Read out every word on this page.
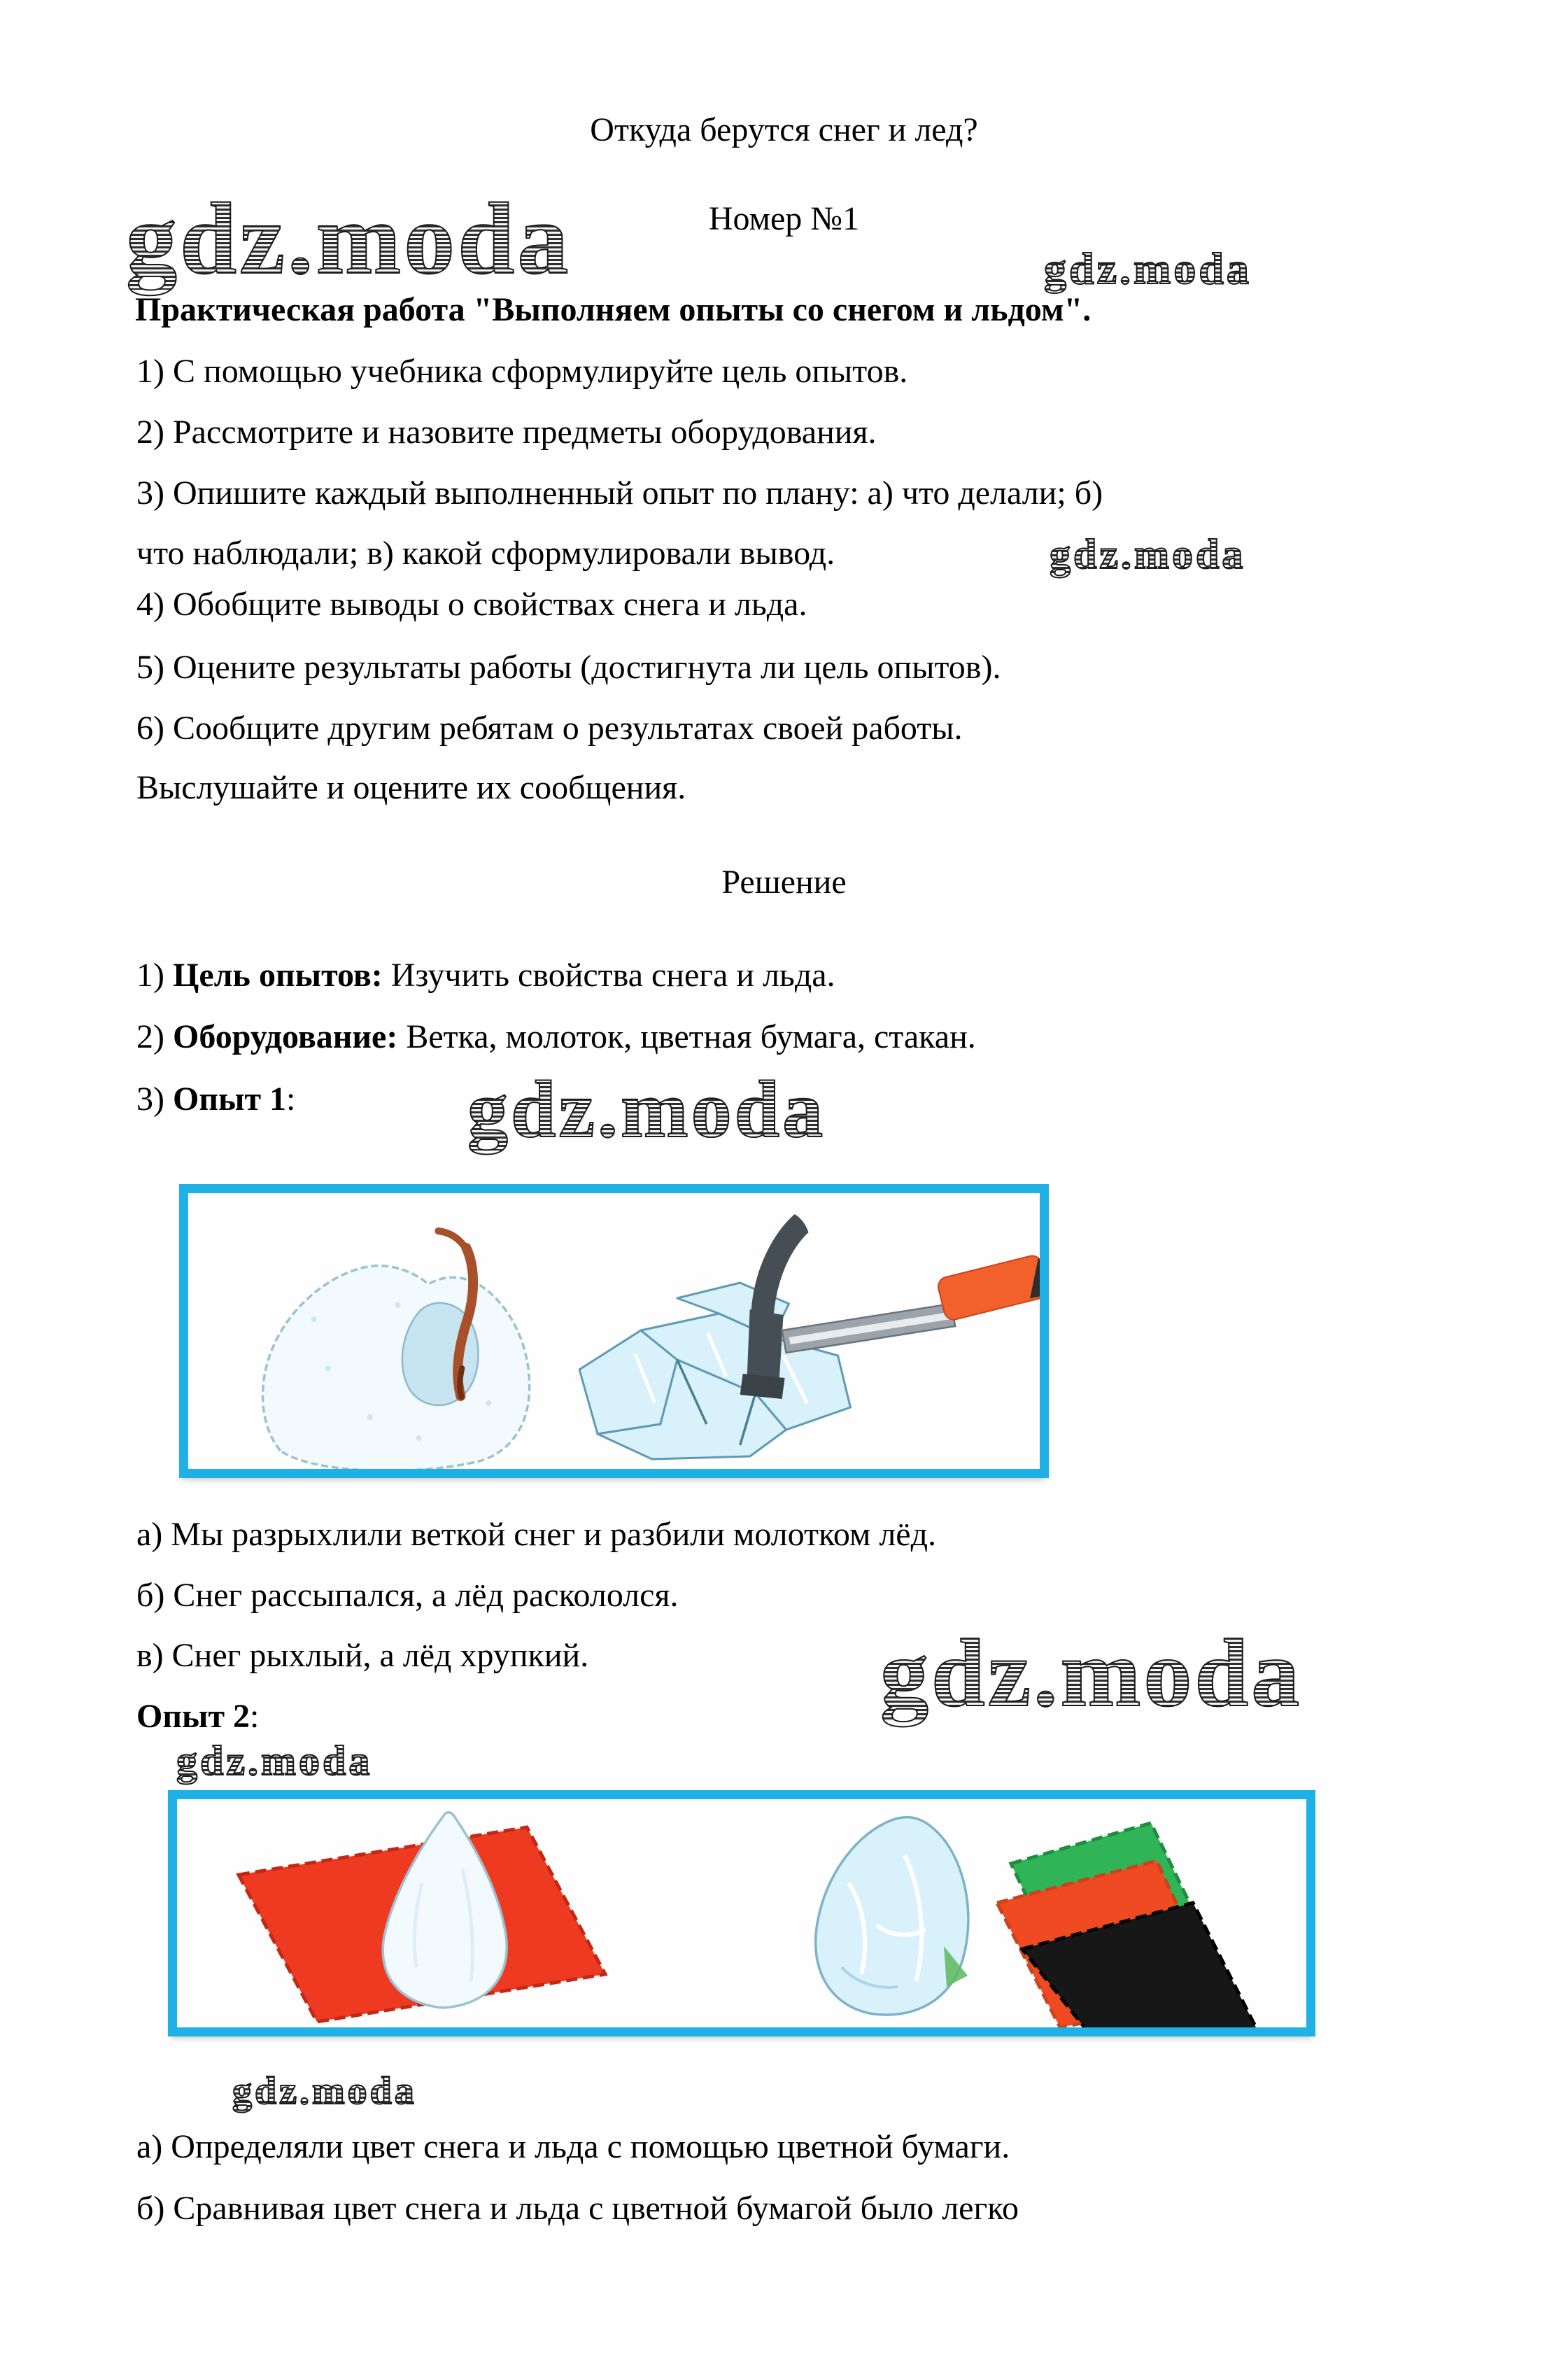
Откуда берутся снег и лед?
Номер №1
gdz.moda	gdz.moda
gdz.moda
gdz.moda
gdz.moda
gdz.moda
gdz.moda
Практическая работа "Выполняем опыты со снегом и льдом".
1) С помощью учебника сформулируйте цель опытов.
2) Рассмотрите и назовите предметы оборудования.
3) Опишите каждый выполненный опыт по плану: а) что делали; б)
что наблюдали; в) какой сформулировали вывод.
4) Обобщите выводы о свойствах снега и льда.
5) Оцените результаты работы (достигнута ли цель опытов).
6) Сообщите другим ребятам о результатах своей работы.
Выслушайте и оцените их сообщения.
Решение
1) Цель опытов: Изучить свойства снега и льда.
2) Оборудование: Ветка, молоток, цветная бумага, стакан.
3) Опыт 1:
а) Мы разрыхлили веткой снег и разбили молотком лёд.
б) Снег рассыпался, а лёд раскололся.
в) Снег рыхлый, а лёд хрупкий.
Опыт 2:
а) Определяли цвет снега и льда с помощью цветной бумаги.
б) Сравнивая цвет снега и льда с цветной бумагой было легко
